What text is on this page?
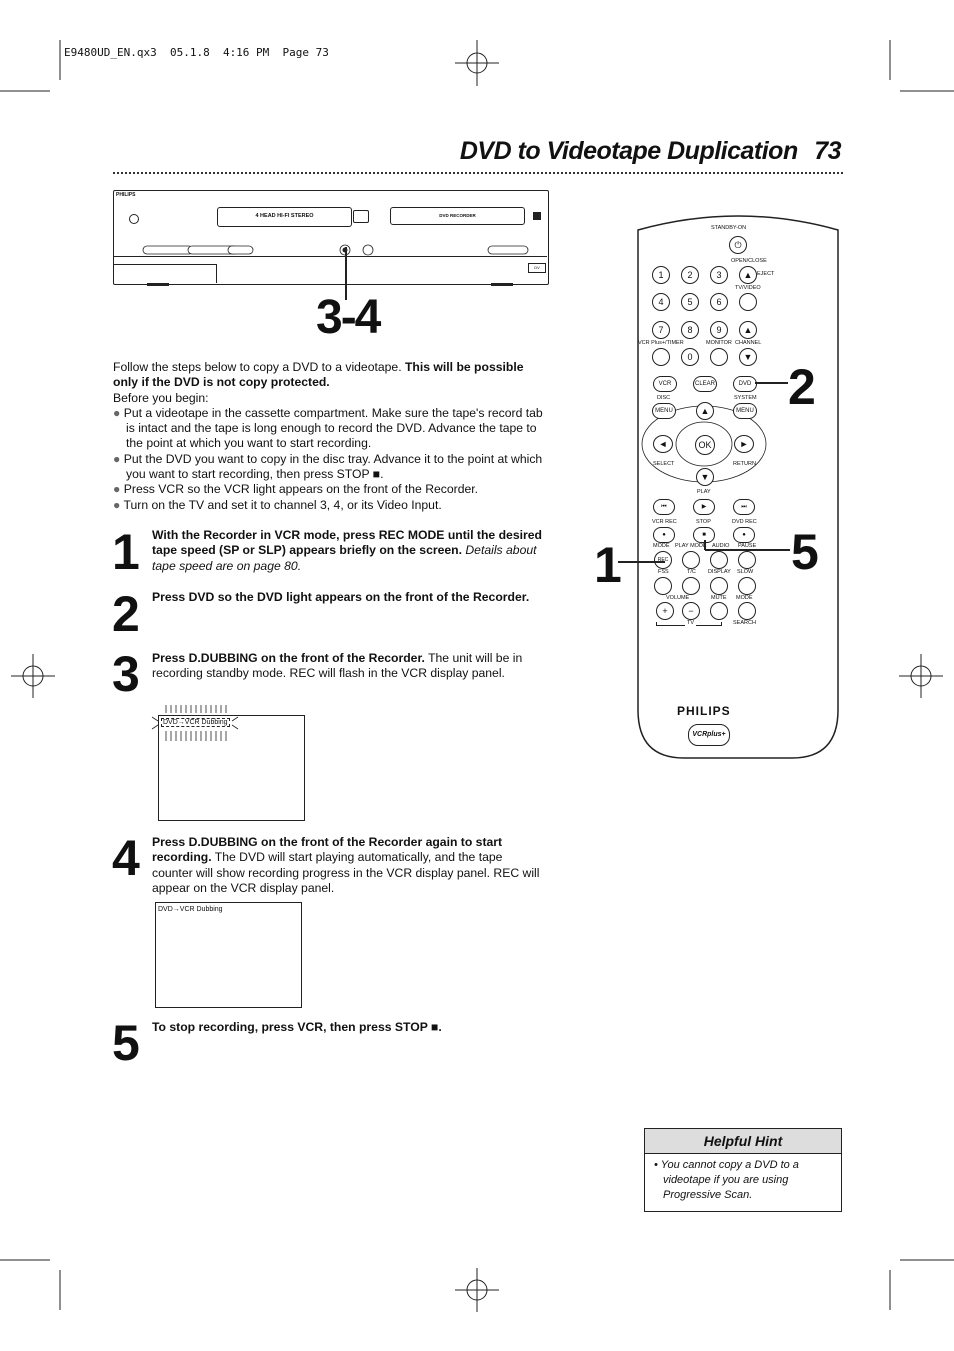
E9480UD_EN.qx3  05.1.8  4:16 PM  Page 73
DVD to Videotape Duplication 73
PHILIPS
4 HEAD HI-FI STEREO	DVD RECORDER
DV
3-4
Follow the steps below to copy a DVD to a videotape. This will be possible only if the DVD is not copy protected.
Before you begin:
● Put a videotape in the cassette compartment. Make sure the tape's record tab is intact and the tape is long enough to record the DVD. Advance the tape to the point at which you want to start recording.
● Put the DVD you want to copy in the disc tray. Advance it to the point at which you want to start recording, then press STOP ■.
● Press VCR so the VCR light appears on the front of the Recorder.
● Turn on the TV and set it to channel 3, 4, or its Video Input.
1 With the Recorder in VCR mode, press REC MODE until the desired tape speed (SP or SLP) appears briefly on the screen. Details about tape speed are on page 80.
2 Press DVD so the DVD light appears on the front of the Recorder.
3 Press D.DUBBING on the front of the Recorder. The unit will be in recording standby mode. REC will flash in the VCR display panel.
DVD→VCR Dubbing
4 Press D.DUBBING on the front of the Recorder again to start recording. The DVD will start playing automatically, and the tape counter will show recording progress in the VCR display panel. REC will appear on the VCR display panel.
DVD→VCR Dubbing
5 To stop recording, press VCR, then press STOP ■.
STANDBY-ON
⏻
OPEN/CLOSE
1	2	3	▲ EJECT
TV/VIDEO
4	5	6
7	8	9	▲
VCR Plus+/TIMER	MONITOR CHANNEL
0	▼
VCR	CLEAR	DVD
DISC	SYSTEM
MENU	▲	MENU
◄	OK	►
SELECT	RETURN
▼
PLAY
⏮	▶	⏭
VCR REC	STOP	DVD REC
●	■	●
MODE PLAY MODE AUDIO PAUSE
REC
FSS	T/C DISPLAY SLOW
VOLUME	MUTE MODE
+	−
TV	SEARCH
PHILIPS
VCRplus+
2
1	5
Helpful Hint
• You cannot copy a DVD to a videotape if you are using Progressive Scan.
